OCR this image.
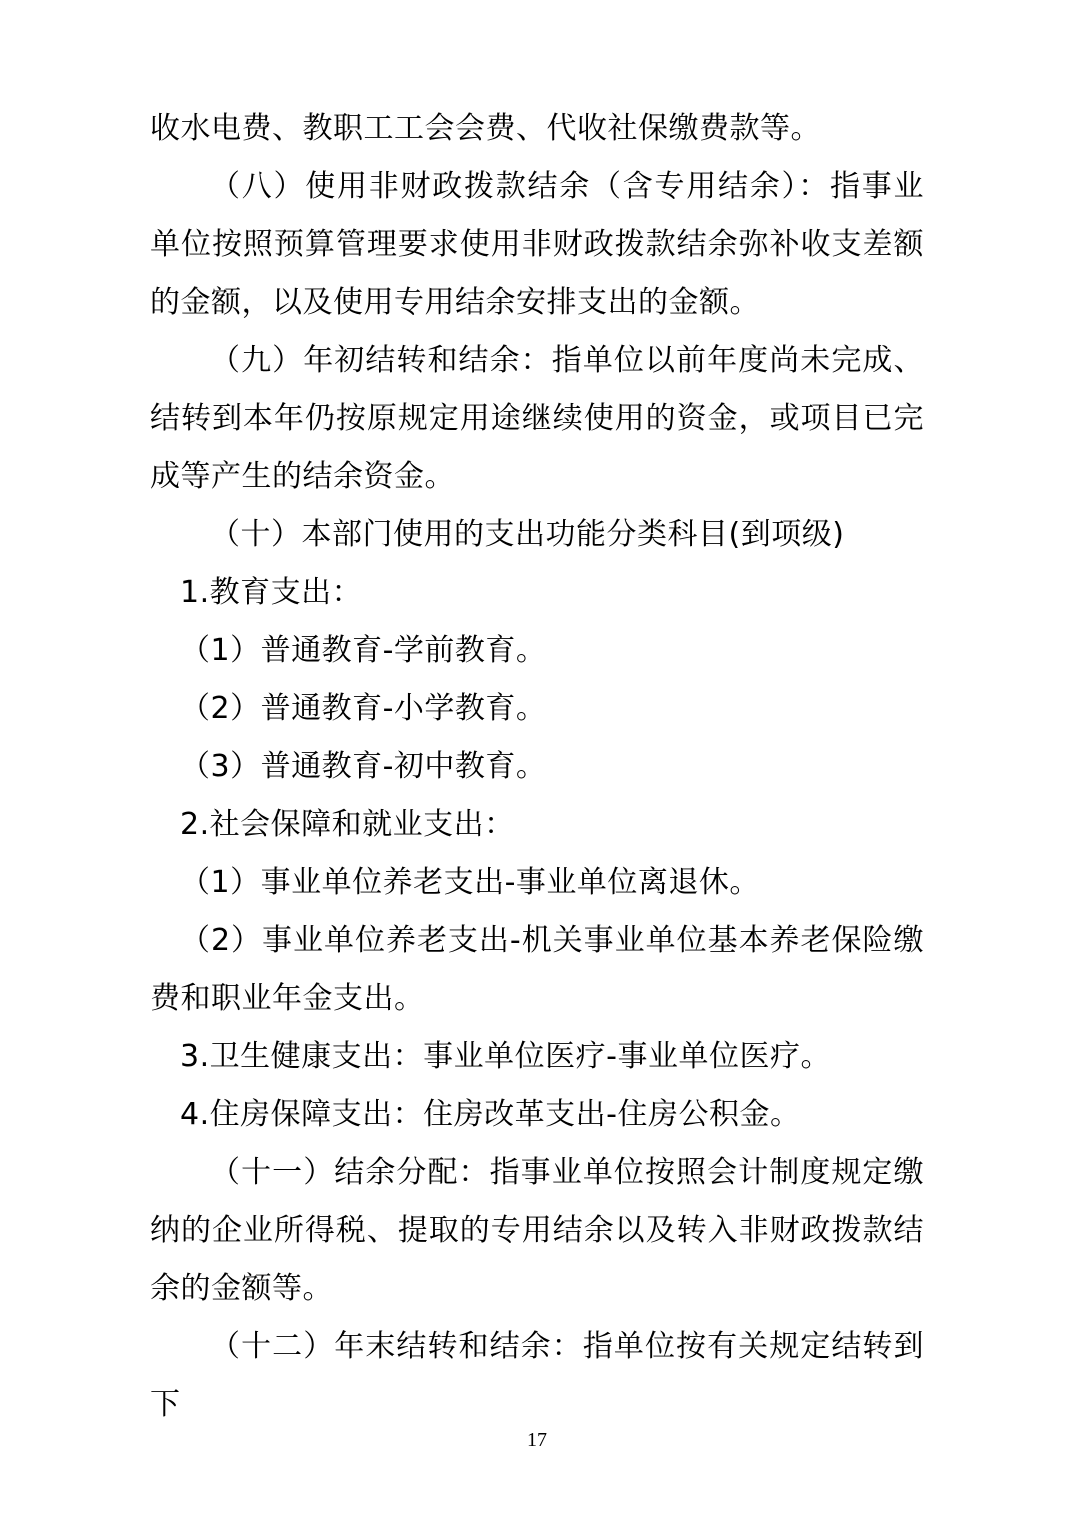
收水电费、教职工工会会费、代收社保缴费款等。

（八）使用非财政拨款结余（含专用结余）：指事业单位按照预算管理要求使用非财政拨款结余弥补收支差额的金额，以及使用专用结余安排支出的金额。

（九）年初结转和结余：指单位以前年度尚未完成、结转到本年仍按原规定用途继续使用的资金，或项目已完成等产生的结余资金。

（十）本部门使用的支出功能分类科目(到项级)

1.教育支出：

（1）普通教育-学前教育。

（2）普通教育-小学教育。

（3）普通教育-初中教育。

2.社会保障和就业支出：

（1）事业单位养老支出-事业单位离退休。

（2）事业单位养老支出-机关事业单位基本养老保险缴费和职业年金支出。

3.卫生健康支出：事业单位医疗-事业单位医疗。

4.住房保障支出：住房改革支出-住房公积金。

（十一）结余分配：指事业单位按照会计制度规定缴纳的企业所得税、提取的专用结余以及转入非财政拨款结余的金额等。

（十二）年末结转和结余：指单位按有关规定结转到下

17
